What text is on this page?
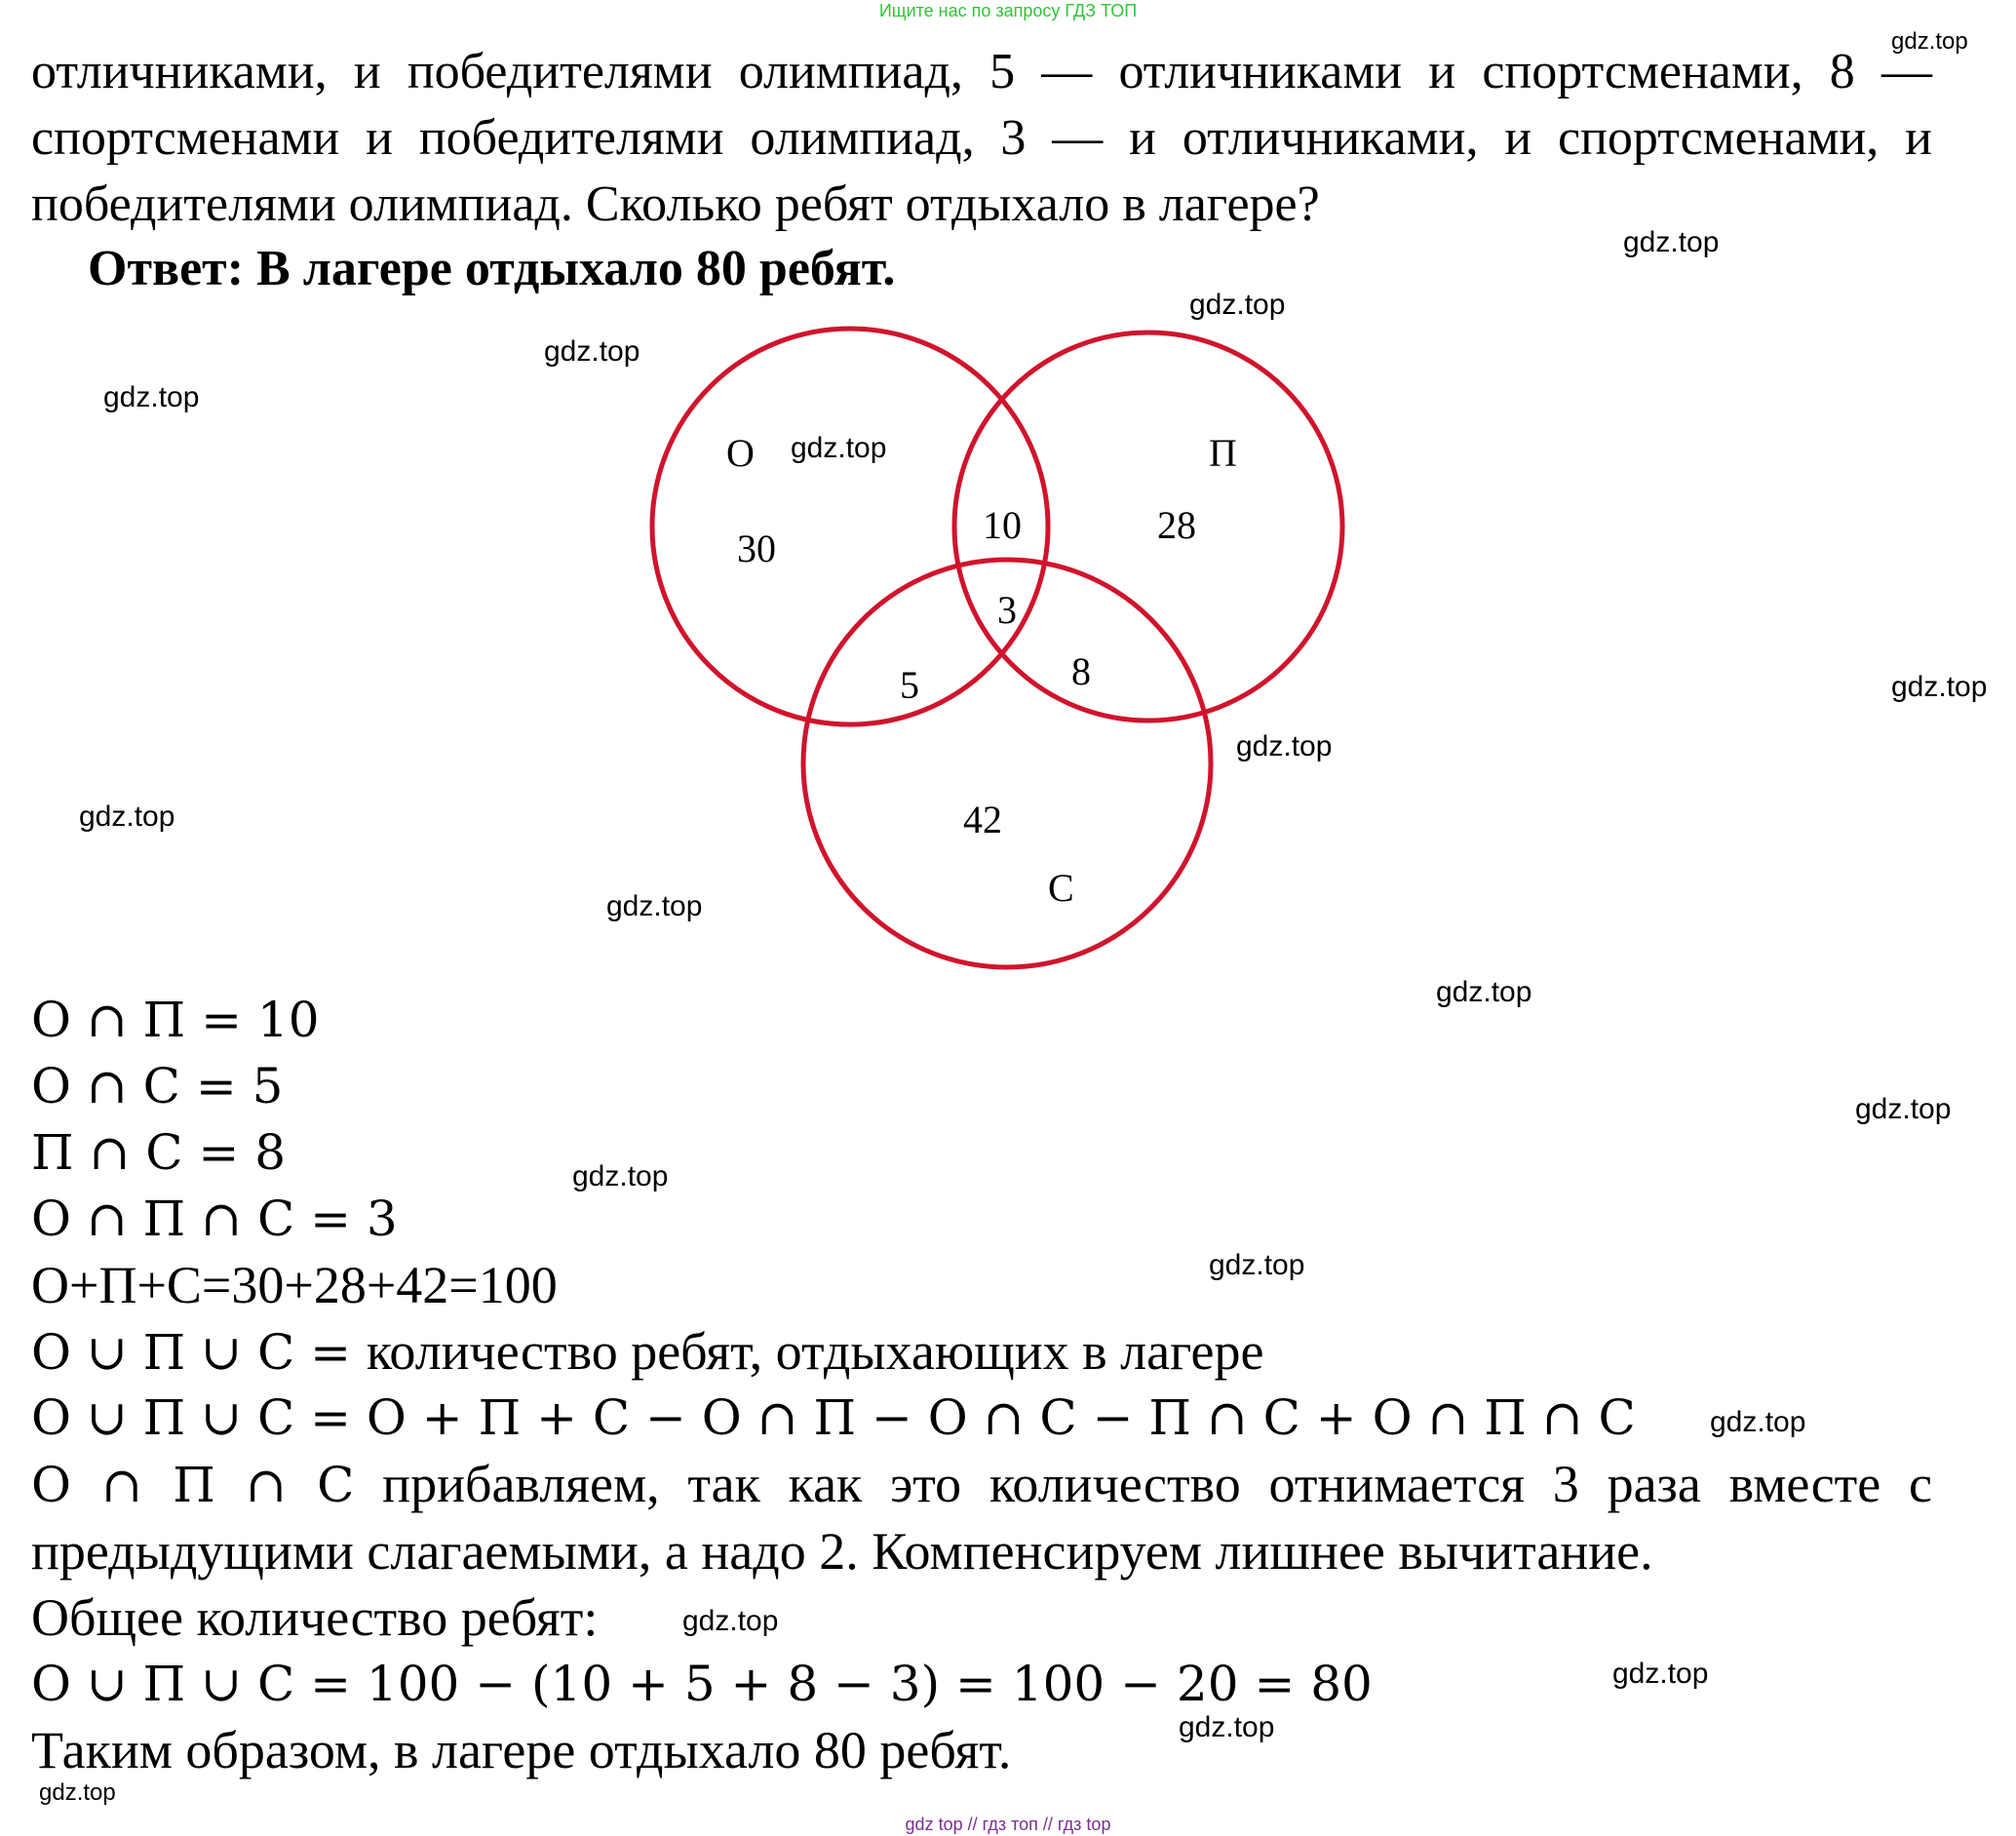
Ищите нас по запросу ГДЗ ТОП

отличниками, и победителями олимпиад, 5 — отличниками и спортсменами, 8 — спортсменами и победителями олимпиад, 3 — и отличниками, и спортсменами, и победителями олимпиад. Сколько ребят отдыхало в лагере?

Ответ: В лагере отдыхало 80 ребят.

О	П
С
30
28
42
10
5	8
3
О ∩ П = 10
О ∩ С = 5
П ∩ С = 8
О ∩ П ∩ С = 3
О+П+С=30+28+42=100
О ∪ П ∪ С = количество ребят, отдыхающих в лагере
О ∪ П ∪ С = О + П + С − О ∩ П − О ∩ С − П ∩ С + О ∩ П ∩ С
О ∩ П ∩ С прибавляем, так как это количество отнимается 3 раза вместе с предыдущими слагаемыми, а надо 2. Компенсируем лишнее вычитание.
Общее количество ребят:
О ∪ П ∪ С = 100 − (10 + 5 + 8 − 3) = 100 − 20 = 80
Таким образом, в лагере отдыхало 80 ребят.
gdz.top
gdz.top
gdz.top
gdz.top
gdz.top
gdz.top
gdz.top
gdz.top
gdz.top
gdz.top
gdz.top
gdz.top
gdz.top
gdz.top
gdz.top
gdz.top
gdz.top
gdz.top
gdz.top
gdz top // гдз топ // гдз top
